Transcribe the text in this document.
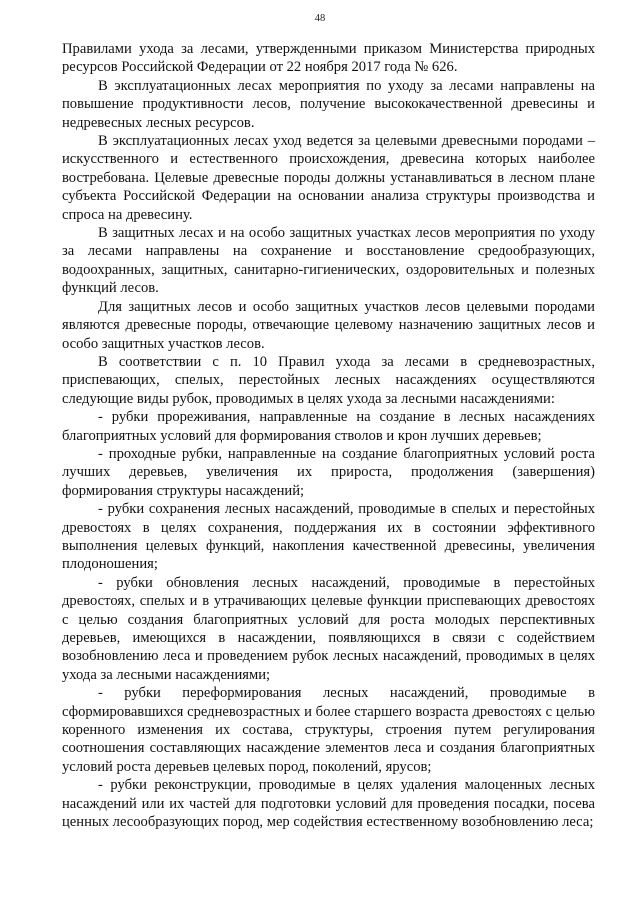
48

Правилами ухода за лесами, утвержденными приказом Министерства природных ресурсов Российской Федерации от 22 ноября 2017 года № 626.

В эксплуатационных лесах мероприятия по уходу за лесами направлены на повышение продуктивности лесов, получение высококачественной древесины и недревесных лесных ресурсов.

В эксплуатационных лесах уход ведется за целевыми древесными породами – искусственного и естественного происхождения, древесина которых наиболее востребована. Целевые древесные породы должны устанавливаться в лесном плане субъекта Российской Федерации на основании анализа структуры производства и спроса на древесину.

В защитных лесах и на особо защитных участках лесов мероприятия по уходу за лесами направлены на сохранение и восстановление средообразующих, водоохранных, защитных, санитарно-гигиенических, оздоровительных и полезных функций лесов.

Для защитных лесов и особо защитных участков лесов целевыми породами являются древесные породы, отвечающие целевому назначению защитных лесов и особо защитных участков лесов.

В соответствии с п. 10 Правил ухода за лесами в средневозрастных, приспевающих, спелых, перестойных лесных насаждениях осуществляются следующие виды рубок, проводимых в целях ухода за лесными насаждениями:

- рубки прореживания, направленные на создание в лесных насаждениях благоприятных условий для формирования стволов и крон лучших деревьев;

- проходные рубки, направленные на создание благоприятных условий роста лучших деревьев, увеличения их прироста, продолжения (завершения) формирования структуры насаждений;

- рубки сохранения лесных насаждений, проводимые в спелых и перестойных древостоях в целях сохранения, поддержания их в состоянии эффективного выполнения целевых функций, накопления качественной древесины, увеличения плодоношения;

- рубки обновления лесных насаждений, проводимые в перестойных древостоях, спелых и в утрачивающих целевые функции приспевающих древостоях с целью создания благоприятных условий для роста молодых перспективных деревьев, имеющихся в насаждении, появляющихся в связи с содействием возобновлению леса и проведением рубок лесных насаждений, проводимых в целях ухода за лесными насаждениями;

- рубки переформирования лесных насаждений, проводимые в сформировавшихся средневозрастных и более старшего возраста древостоях с целью коренного изменения их состава, структуры, строения путем регулирования соотношения составляющих насаждение элементов леса и создания благоприятных условий роста деревьев целевых пород, поколений, ярусов;

- рубки реконструкции, проводимые в целях удаления малоценных лесных насаждений или их частей для подготовки условий для проведения посадки, посева ценных лесообразующих пород, мер содействия естественному возобновлению леса;
